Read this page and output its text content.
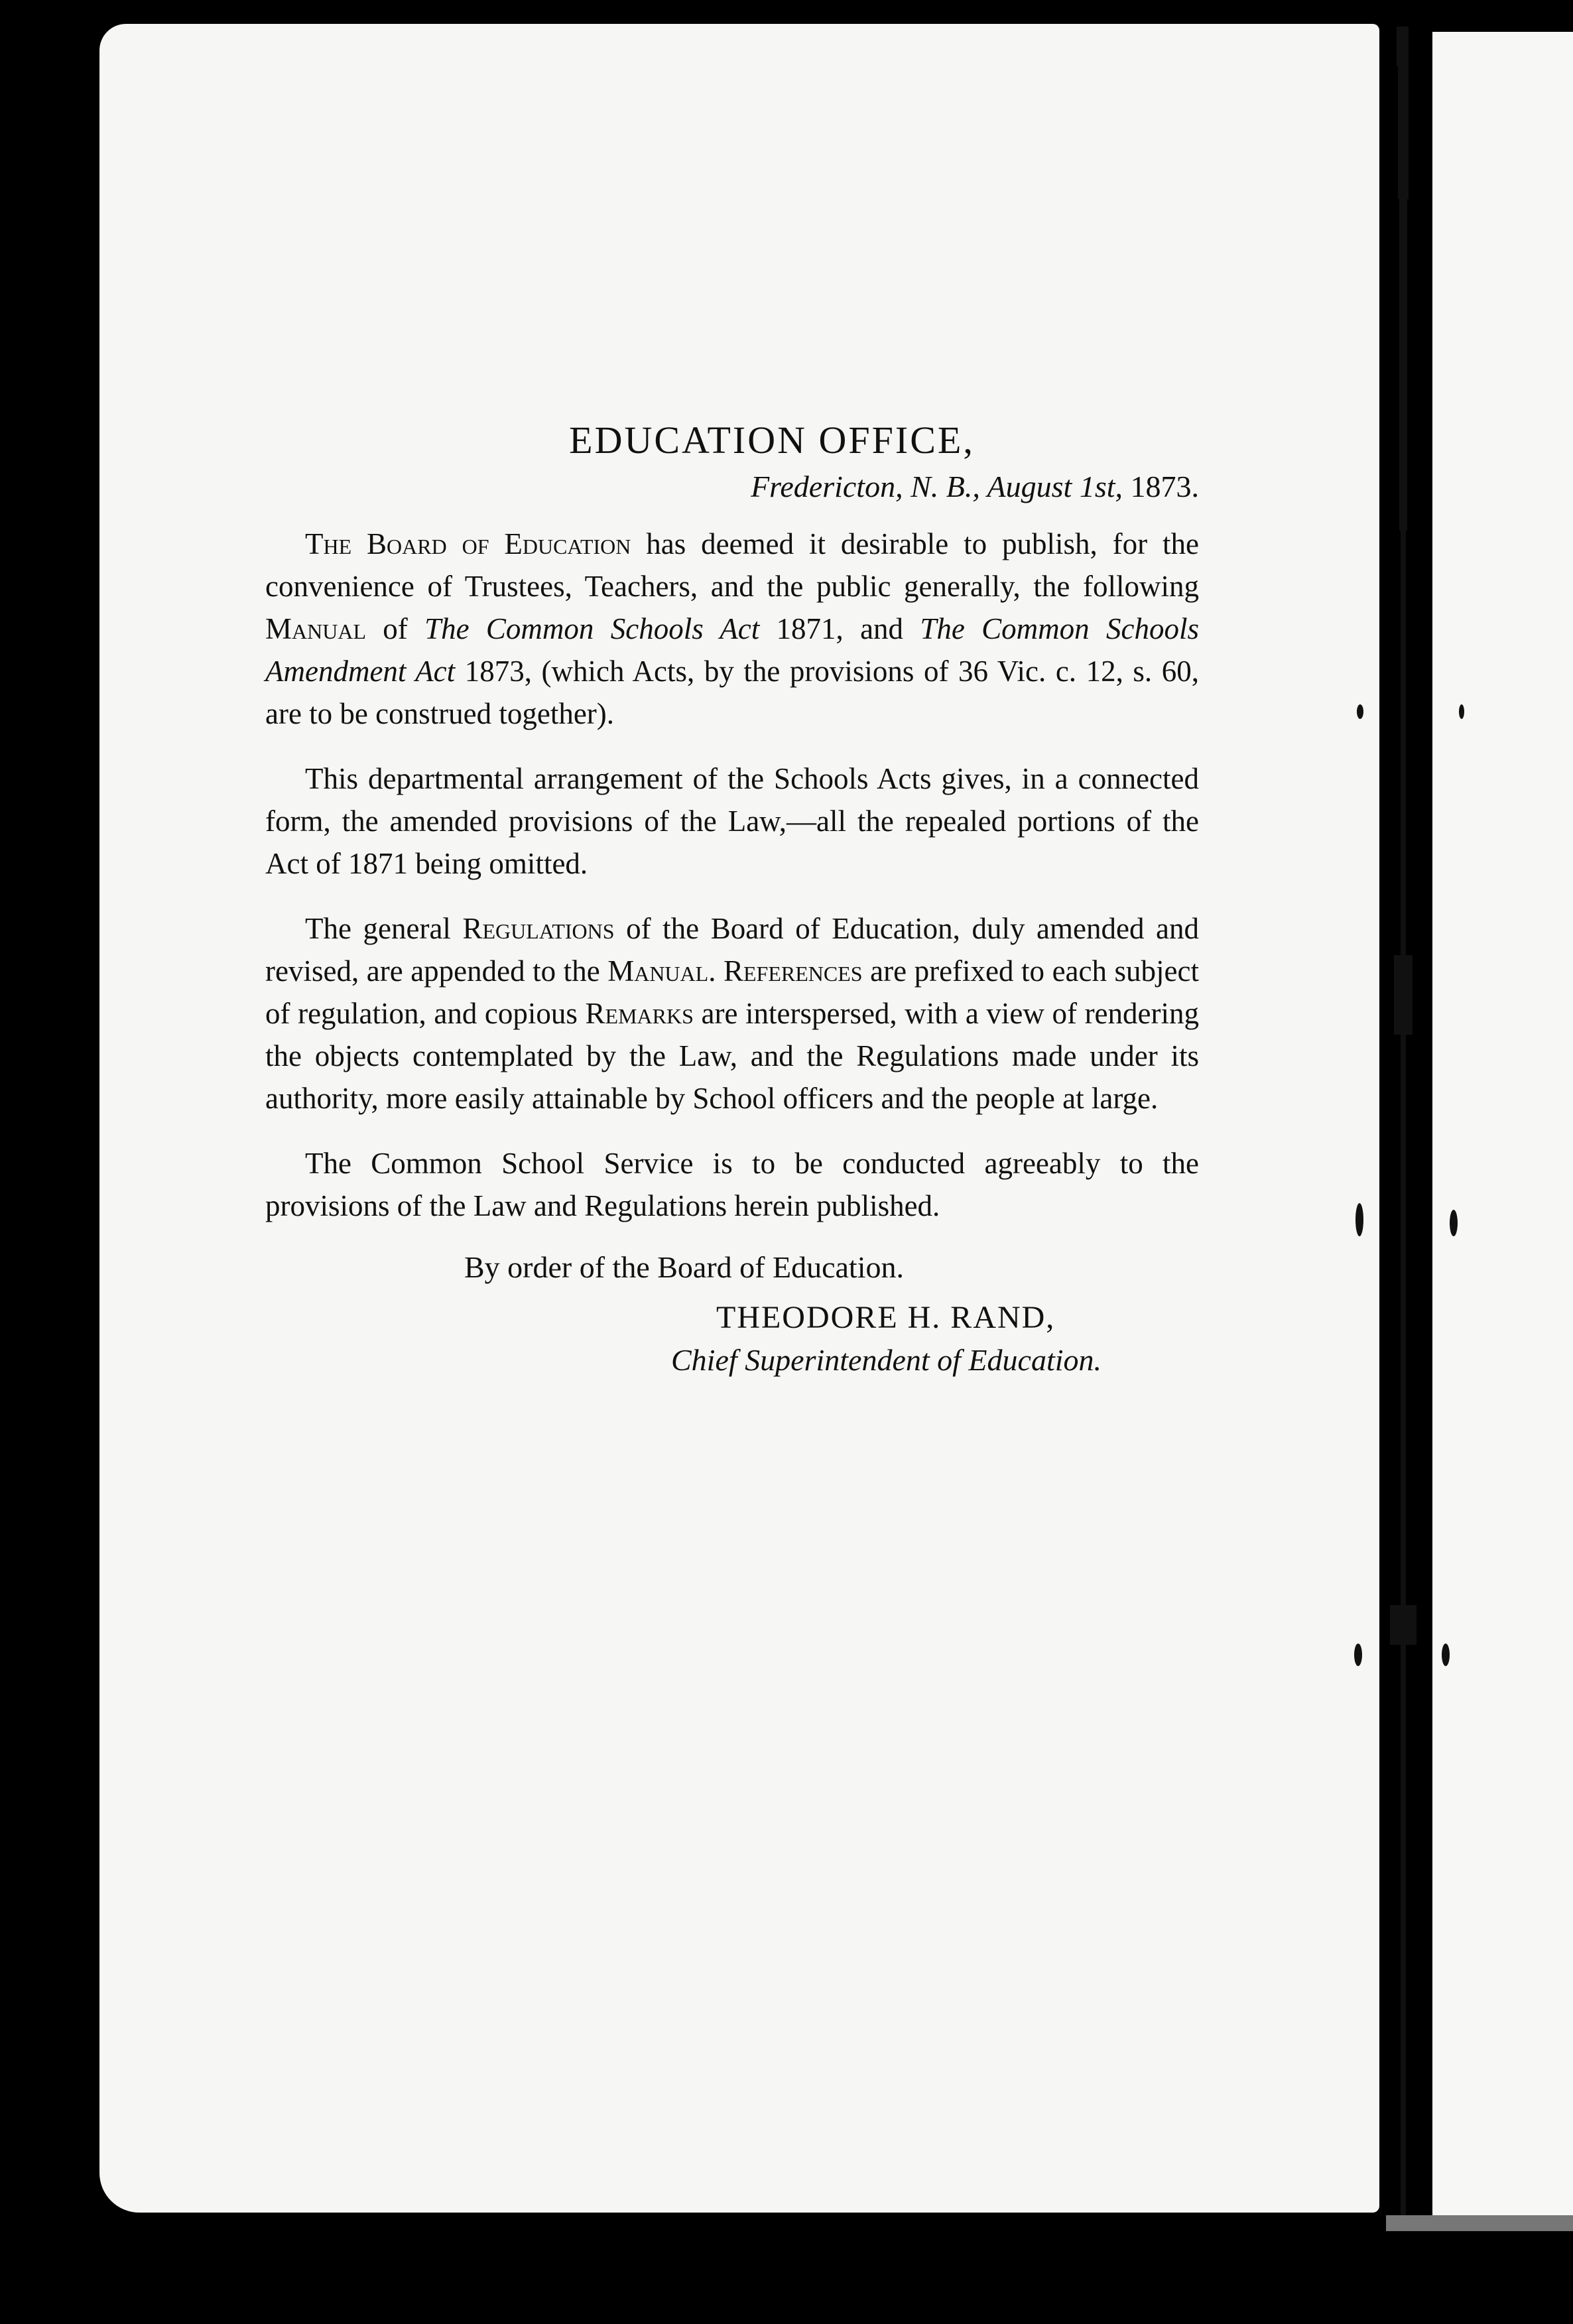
EDUCATION OFFICE,
Fredericton, N. B., August 1st, 1873.

The Board of Education has deemed it desirable to publish, for the convenience of Trustees, Teachers, and the public generally, the following Manual of The Common Schools Act 1871, and The Common Schools Amendment Act 1873, (which Acts, by the provisions of 36 Vic. c. 12, s. 60, are to be construed together).

This departmental arrangement of the Schools Acts gives, in a connected form, the amended provisions of the Law,—all the repealed portions of the Act of 1871 being omitted.

The general Regulations of the Board of Education, duly amended and revised, are appended to the Manual. References are prefixed to each subject of regulation, and copious Remarks are interspersed, with a view of rendering the objects contemplated by the Law, and the Regulations made under its authority, more easily attainable by School officers and the people at large.

The Common School Service is to be conducted agreeably to the provisions of the Law and Regulations herein published.

By order of the Board of Education.
THEODORE H. RAND,
Chief Superintendent of Education.
